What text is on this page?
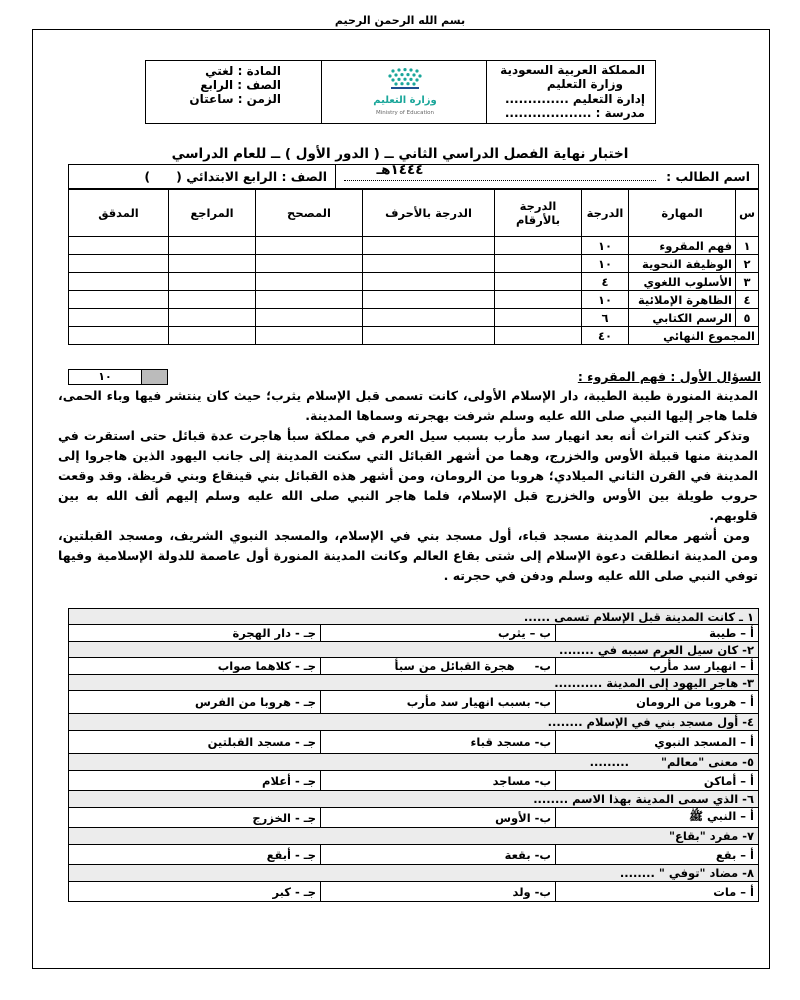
بسم الله الرحمن الرحيم
المادة : لغتي
الصف : الرابع
الزمن : ساعتان	وزارة التعليم
Ministry of Education
المملكة العربية السعودية
وزارة التعليم
إدارة التعليم ..............
مدرسة : ...................
اختبار نهاية الفصل الدراسي الثاني ــ ( الدور الأول ) ــ للعام الدراسي ١٤٤٤هـ
الصف : الرابع الابتدائي (      )	اسم الطالب :
س	المهارة	الدرجة	الدرجة بالأرقام	الدرجة بالأحرف	المصحح	المراجع	المدقق
١	فهم المقروء	١٠					
٢	الوظيفة النحوية	١٠					
٣	الأسلوب اللغوي	٤					
٤	الظاهرة الإملائية	١٠					
٥	الرسم الكتابي	٦					
المجموع النهائي		٤٠					
السؤال الأول : فهم المقروء :
١٠

المدينة المنورة طيبة الطيبة، دار الإسلام الأولى، كانت تسمى قبل الإسلام يثرب؛ حيث كان ينتشر فيها وباء الحمى، فلما هاجر إليها النبي صلى الله عليه وسلم شرفت بهجرته وسماها المدينة.

وتذكر كتب التراث أنه بعد انهيار سد مأرب بسبب سيل العرم في مملكة سبأ هاجرت عدة قبائل حتى استقرت في المدينة منها قبيلة الأوس والخزرج، وهما من أشهر القبائل التي سكنت المدينة إلى جانب اليهود الذين هاجروا إلى المدينة في القرن الثاني الميلادي؛ هروبا من الرومان، ومن أشهر هذه القبائل بني قينقاع وبني قريظة. وقد وقعت حروب طويلة بين الأوس والخزرج قبل الإسلام، فلما هاجر النبي صلى الله عليه وسلم إليهم ألف الله به بين قلوبهم.

ومن أشهر معالم المدينة مسجد قباء، أول مسجد بني في الإسلام، والمسجد النبوي الشريف، ومسجد القبلتين، ومن المدينة انطلقت دعوة الإسلام إلى شتى بقاع العالم وكانت المدينة المنورة أول عاصمة للدولة الإسلامية وفيها توفي النبي صلى الله عليه وسلم ودفن في حجرته .

١ ـ كانت المدينة قبل الإسلام تسمى ......		
أ – طيبة	ب – يثرب	جـ - دار الهجرة
٢- كان سيل العرم سببه في ........		
أ – انهيار سد مأرب	ب-     هجرة القبائل من سبأ	جـ - كلاهما صواب
٣- هاجر اليهود إلى المدينة ...........		
أ – هروبا من الرومان	ب- بسبب انهيار سد مأرب	جـ - هروبا من الفرس
٤- أول مسجد بني في الإسلام ........		
أ – المسجد النبوي	ب- مسجد قباء	جـ - مسجد القبلتين
٥- معنى "معالم"        .........		
أ – أماكن	ب- مساجد	جـ - أعلام
٦- الذي سمى المدينة بهذا الاسم ........		
أ – النبي ﷺ	ب- الأوس	جـ - الخزرج
٧- مفرد "بقاع"		
أ – بقع	ب- بقعة	جـ - أبقع
٨- مضاد "توفي " ........		
أ – مات	ب- ولد	جـ - كبر
